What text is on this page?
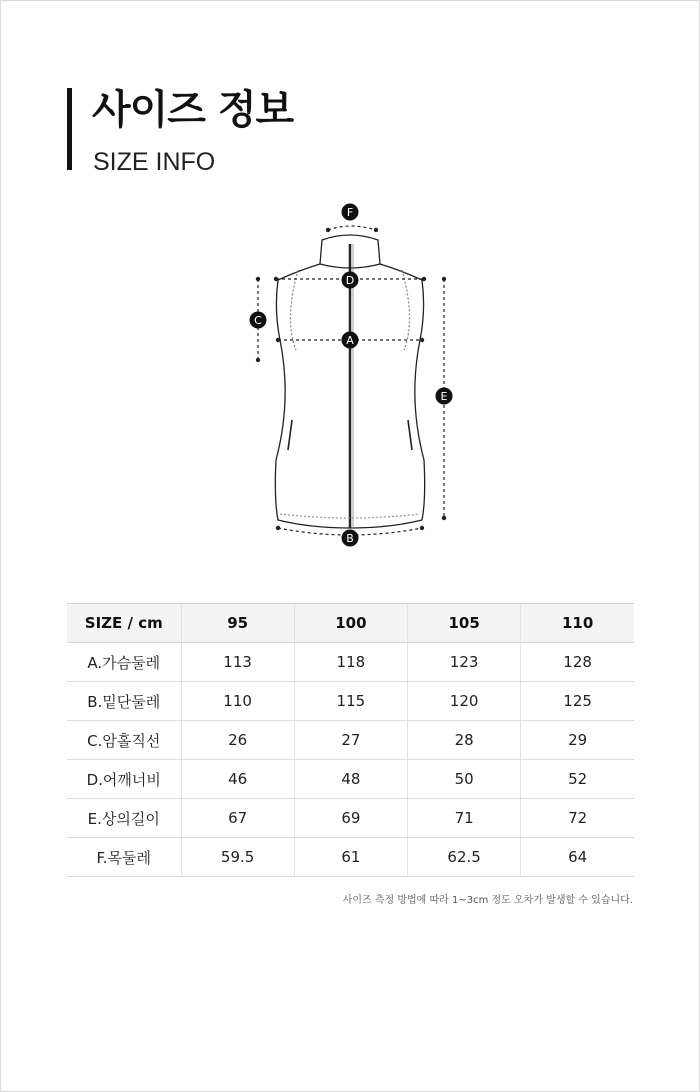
사이즈 정보
SIZE INFO
F
D
A
C
E
B
SIZE / cm	95	100	105	110
A.가슴둘레	113	118	123	128
B.밑단둘레	110	115	120	125
C.암홀직선	26	27	28	29
D.어깨너비	46	48	50	52
E.상의길이	67	69	71	72
F.목둘레	59.5	61	62.5	64
사이즈 측정 방법에 따라 1~3cm 정도 오차가 발생할 수 있습니다.
